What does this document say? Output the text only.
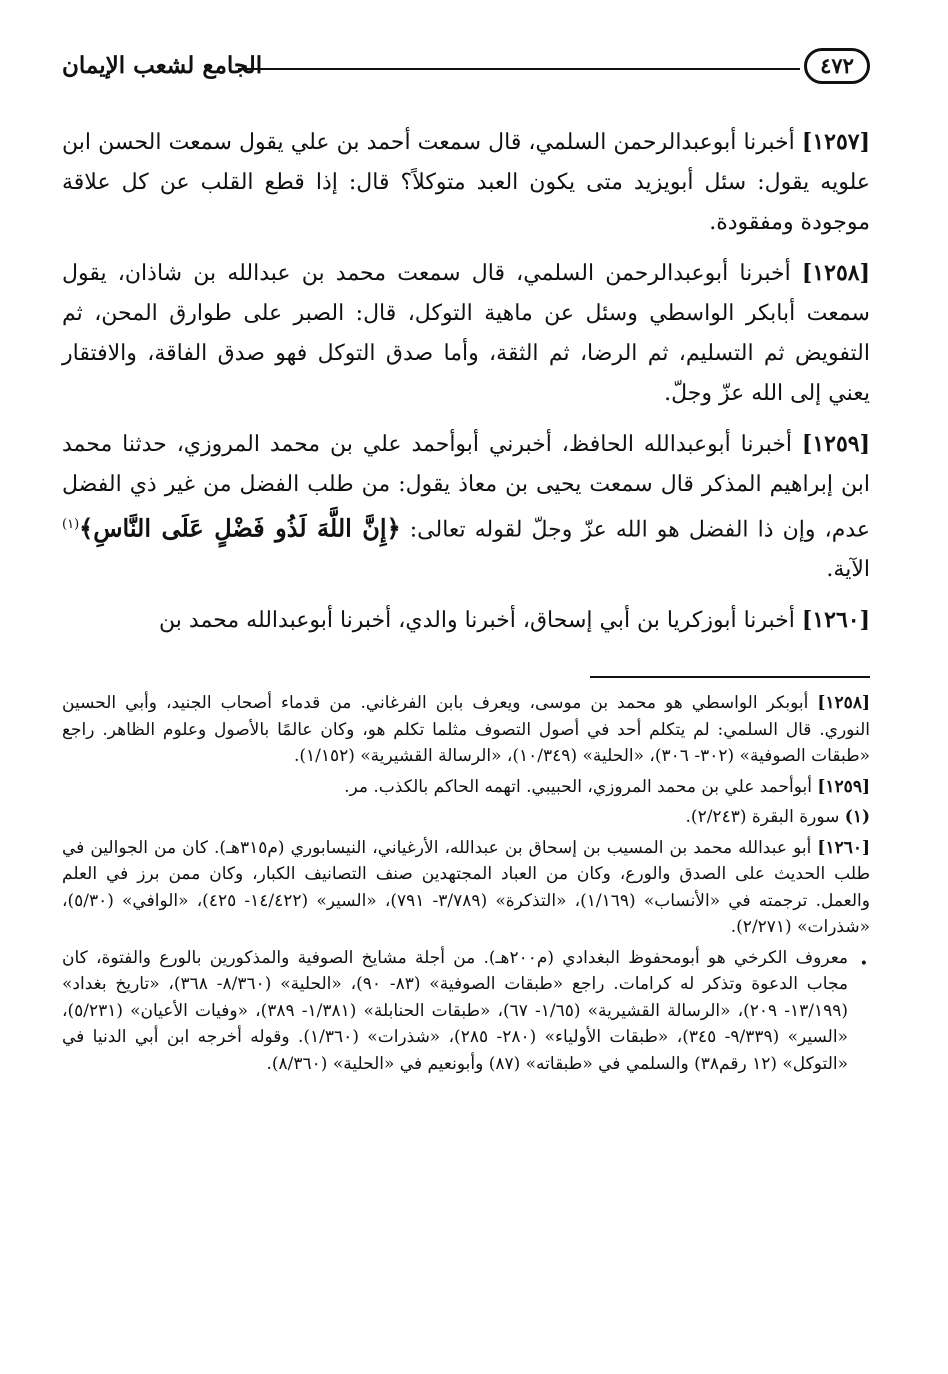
٤٧٢
الجامع لشعب الإيمان

[١٢٥٧] أخبرنا أبوعبدالرحمن السلمي، قال سمعت أحمد بن علي يقول سمعت الحسن ابن علويه يقول: سئل أبويزيد متى يكون العبد متوكلاً؟ قال: إذا قطع القلب عن كل علاقة موجودة ومفقودة.

[١٢٥٨] أخبرنا أبوعبدالرحمن السلمي، قال سمعت محمد بن عبدالله بن شاذان، يقول سمعت أبابكر الواسطي وسئل عن ماهية التوكل، قال: الصبر على طوارق المحن، ثم التفويض ثم التسليم، ثم الرضا، ثم الثقة، وأما صدق التوكل فهو صدق الفاقة، والافتقار يعني إلى الله عزّ وجلّ.

[١٢٥٩] أخبرنا أبوعبدالله الحافظ، أخبرني أبوأحمد علي بن محمد المروزي، حدثنا محمد ابن إبراهيم المذكر قال سمعت يحيى بن معاذ يقول: من طلب الفضل من غير ذي الفضل عدم، وإن ذا الفضل هو الله عزّ وجلّ لقوله تعالى: ﴿إِنَّ اللَّهَ لَذُو فَضْلٍ عَلَى النَّاسِ﴾$^{(١)}$ الآية.

[١٢٦٠] أخبرنا أبوزكريا بن أبي إسحاق، أخبرنا والدي، أخبرنا أبوعبدالله محمد بن

[١٢٥٨] أبوبكر الواسطي هو محمد بن موسى، ويعرف بابن الفرغاني. من قدماء أصحاب الجنيد، وأبي الحسين النوري. قال السلمي: لم يتكلم أحد في أصول التصوف مثلما تكلم هو، وكان عالمًا بالأصول وعلوم الظاهر. راجع «طبقات الصوفية» (٣٠٢- ٣٠٦)، «الحلية» (١٠/٣٤٩)، «الرسالة القشيرية» (١/١٥٢).

[١٢٥٩] أبوأحمد علي بن محمد المروزي، الحبيبي. اتهمه الحاكم بالكذب. مر.

(١) سورة البقرة (٢/٢٤٣).

[١٢٦٠] أبو عبدالله محمد بن المسيب بن إسحاق بن عبدالله، الأرغياني، النيسابوري (م٣١٥هـ). كان من الجوالين في طلب الحديث على الصدق والورع، وكان من العباد المجتهدين صنف التصانيف الكبار، وكان ممن برز في العلم والعمل. ترجمته في «الأنساب» (١/١٦٩)، «التذكرة» (٣/٧٨٩- ٧٩١)، «السير» (١٤/٤٢٢- ٤٢٥)، «الوافي» (٥/٣٠)، «شذرات» (٢/٢٧١).

•
معروف الكرخي هو أبومحفوظ البغدادي (م٢٠٠هـ). من أجلة مشايخ الصوفية والمذكورين بالورع والفتوة، كان مجاب الدعوة وتذكر له كرامات. راجع «طبقات الصوفية» (٨٣- ٩٠)، «الحلية» (٨/٣٦٠- ٣٦٨)، «تاريخ بغداد» (١٣/١٩٩- ٢٠٩)، «الرسالة القشيرية» (١/٦٥- ٦٧)، «طبقات الحنابلة» (١/٣٨١- ٣٨٩)، «وفيات الأعيان» (٥/٢٣١)، «السير» (٩/٣٣٩- ٣٤٥)، «طبقات الأولياء» (٢٨٠- ٢٨٥)، «شذرات» (١/٣٦٠). وقوله أخرجه ابن أبي الدنيا في «التوكل» (١٢ رقم٣٨) والسلمي في «طبقاته» (٨٧) وأبونعيم في «الحلية» (٨/٣٦٠).
